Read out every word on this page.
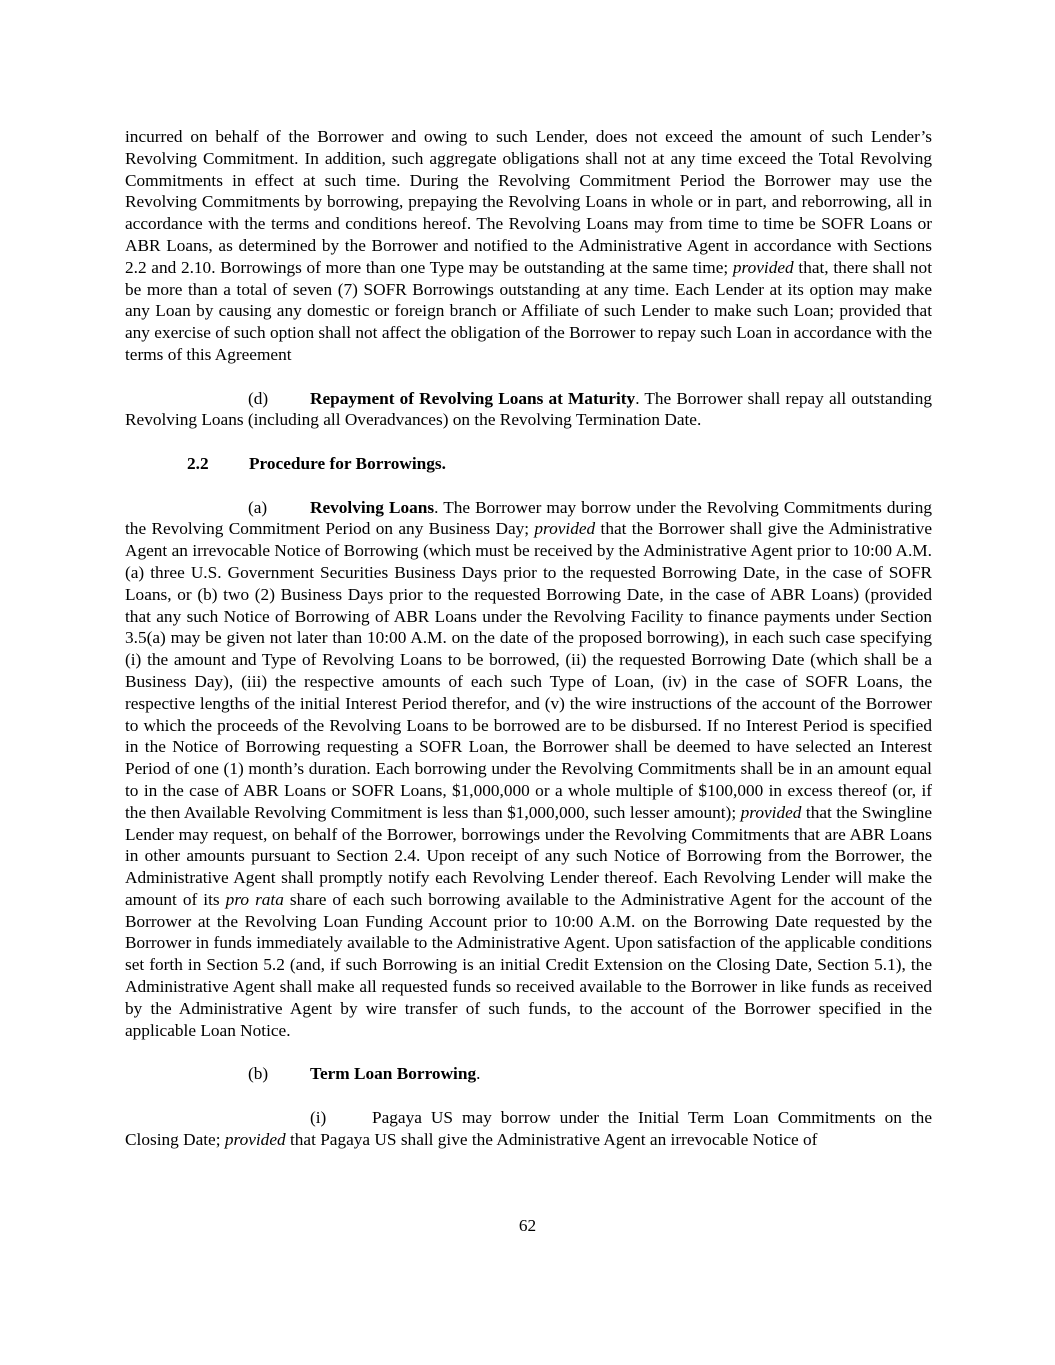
incurred on behalf of the Borrower and owing to such Lender, does not exceed the amount of such Lender’s Revolving Commitment. In addition, such aggregate obligations shall not at any time exceed the Total Revolving Commitments in effect at such time. During the Revolving Commitment Period the Borrower may use the Revolving Commitments by borrowing, prepaying the Revolving Loans in whole or in part, and reborrowing, all in accordance with the terms and conditions hereof. The Revolving Loans may from time to time be SOFR Loans or ABR Loans, as determined by the Borrower and notified to the Administrative Agent in accordance with Sections 2.2 and 2.10. Borrowings of more than one Type may be outstanding at the same time; provided that, there shall not be more than a total of seven (7) SOFR Borrowings outstanding at any time. Each Lender at its option may make any Loan by causing any domestic or foreign branch or Affiliate of such Lender to make such Loan; provided that any exercise of such option shall not affect the obligation of the Borrower to repay such Loan in accordance with the terms of this Agreement

(d) Repayment of Revolving Loans at Maturity. The Borrower shall repay all outstanding Revolving Loans (including all Overadvances) on the Revolving Termination Date.

2.2 Procedure for Borrowings.

(a) Revolving Loans. The Borrower may borrow under the Revolving Commitments during the Revolving Commitment Period on any Business Day; provided that the Borrower shall give the Administrative Agent an irrevocable Notice of Borrowing (which must be received by the Administrative Agent prior to 10:00 A.M. (a) three U.S. Government Securities Business Days prior to the requested Borrowing Date, in the case of SOFR Loans, or (b) two (2) Business Days prior to the requested Borrowing Date, in the case of ABR Loans) (provided that any such Notice of Borrowing of ABR Loans under the Revolving Facility to finance payments under Section 3.5(a) may be given not later than 10:00 A.M. on the date of the proposed borrowing), in each such case specifying (i) the amount and Type of Revolving Loans to be borrowed, (ii) the requested Borrowing Date (which shall be a Business Day), (iii) the respective amounts of each such Type of Loan, (iv) in the case of SOFR Loans, the respective lengths of the initial Interest Period therefor, and (v) the wire instructions of the account of the Borrower to which the proceeds of the Revolving Loans to be borrowed are to be disbursed. If no Interest Period is specified in the Notice of Borrowing requesting a SOFR Loan, the Borrower shall be deemed to have selected an Interest Period of one (1) month’s duration. Each borrowing under the Revolving Commitments shall be in an amount equal to in the case of ABR Loans or SOFR Loans, $1,000,000 or a whole multiple of $100,000 in excess thereof (or, if the then Available Revolving Commitment is less than $1,000,000, such lesser amount); provided that the Swingline Lender may request, on behalf of the Borrower, borrowings under the Revolving Commitments that are ABR Loans in other amounts pursuant to Section 2.4. Upon receipt of any such Notice of Borrowing from the Borrower, the Administrative Agent shall promptly notify each Revolving Lender thereof. Each Revolving Lender will make the amount of its pro rata share of each such borrowing available to the Administrative Agent for the account of the Borrower at the Revolving Loan Funding Account prior to 10:00 A.M. on the Borrowing Date requested by the Borrower in funds immediately available to the Administrative Agent. Upon satisfaction of the applicable conditions set forth in Section 5.2 (and, if such Borrowing is an initial Credit Extension on the Closing Date, Section 5.1), the Administrative Agent shall make all requested funds so received available to the Borrower in like funds as received by the Administrative Agent by wire transfer of such funds, to the account of the Borrower specified in the applicable Loan Notice.

(b) Term Loan Borrowing.

(i)	Pagaya US may borrow under the Initial Term Loan Commitments on the Closing Date; provided that Pagaya US shall give the Administrative Agent an irrevocable Notice of

62
